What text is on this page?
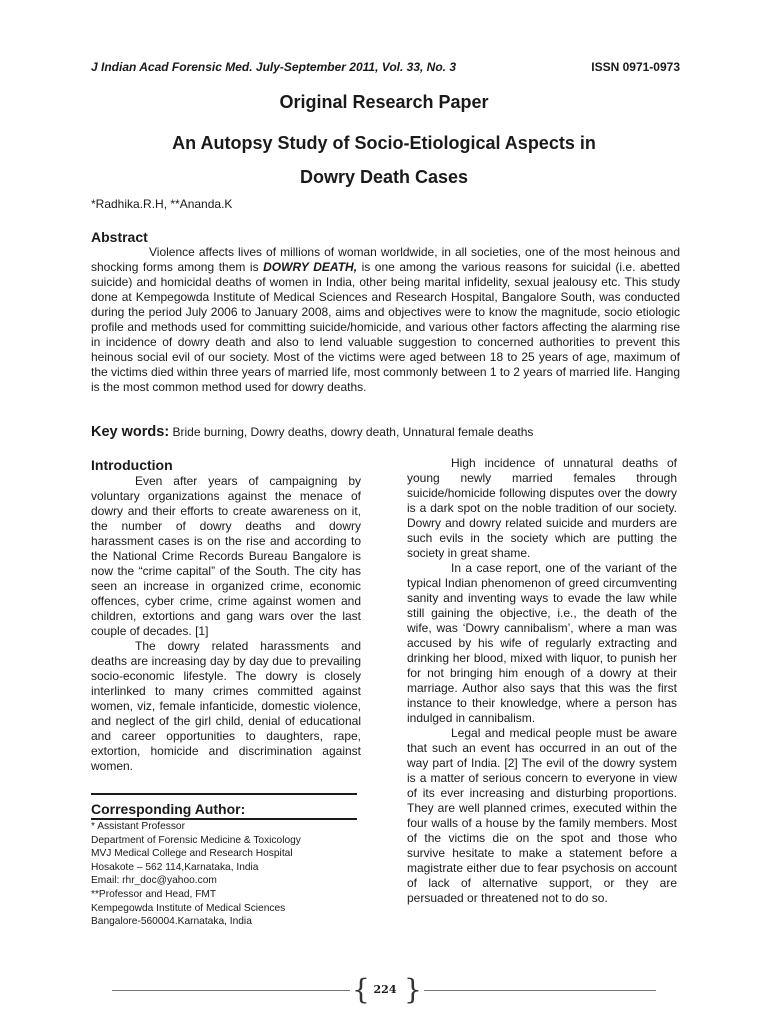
J Indian Acad Forensic Med. July-September 2011, Vol. 33, No. 3	ISSN 0971-0973
Original Research Paper
An Autopsy Study of Socio-Etiological Aspects in
Dowry Death Cases
*Radhika.R.H, **Ananda.K
Abstract

Violence affects lives of millions of woman worldwide, in all societies, one of the most heinous and shocking forms among them is DOWRY DEATH, is one among the various reasons for suicidal (i.e. abetted suicide) and homicidal deaths of women in India, other being marital infidelity, sexual jealousy etc. This study done at Kempegowda Institute of Medical Sciences and Research Hospital, Bangalore South, was conducted during the period July 2006 to January 2008, aims and objectives were to know the magnitude, socio etiologic profile and methods used for committing suicide/homicide, and various other factors affecting the alarming rise in incidence of dowry death and also to lend valuable suggestion to concerned authorities to prevent this heinous social evil of our society. Most of the victims were aged between 18 to 25 years of age, maximum of the victims died within three years of married life, most commonly between 1 to 2 years of married life. Hanging is the most common method used for dowry deaths.

Key words: Bride burning, Dowry deaths, dowry death, Unnatural female deaths
Introduction

Even after years of campaigning by voluntary organizations against the menace of dowry and their efforts to create awareness on it, the number of dowry deaths and dowry harassment cases is on the rise and according to the National Crime Records Bureau Bangalore is now the “crime capital” of the South. The city has seen an increase in organized crime, economic offences, cyber crime, crime against women and children, extortions and gang wars over the last couple of decades. [1]

The dowry related harassments and deaths are increasing day by day due to prevailing socio-economic lifestyle. The dowry is closely interlinked to many crimes committed against women, viz, female infanticide, domestic violence, and neglect of the girl child, denial of educational and career opportunities to daughters, rape, extortion, homicide and discrimination against women.

Corresponding Author:
* Assistant Professor
Department of Forensic Medicine & Toxicology
MVJ Medical College and Research Hospital
Hosakote – 562 114,Karnataka, India
Email: rhr_doc@yahoo.com
**Professor and Head, FMT
Kempegowda Institute of Medical Sciences
Bangalore-560004.Karnataka, India

High incidence of unnatural deaths of young newly married females through suicide/homicide following disputes over the dowry is a dark spot on the noble tradition of our society. Dowry and dowry related suicide and murders are such evils in the society which are putting the society in great shame.

In a case report, one of the variant of the typical Indian phenomenon of greed circumventing sanity and inventing ways to evade the law while still gaining the objective, i.e., the death of the wife, was ‘Dowry cannibalism’, where a man was accused by his wife of regularly extracting and drinking her blood, mixed with liquor, to punish her for not bringing him enough of a dowry at their marriage. Author also says that this was the first instance to their knowledge, where a person has indulged in cannibalism.

Legal and medical people must be aware that such an event has occurred in an out of the way part of India. [2] The evil of the dowry system is a matter of serious concern to everyone in view of its ever increasing and disturbing proportions. They are well planned crimes, executed within the four walls of a house by the family members. Most of the victims die on the spot and those who survive hesitate to make a statement before a magistrate either due to fear psychosis on account of lack of alternative support, or they are persuaded or threatened not to do so.

{ 224 }
